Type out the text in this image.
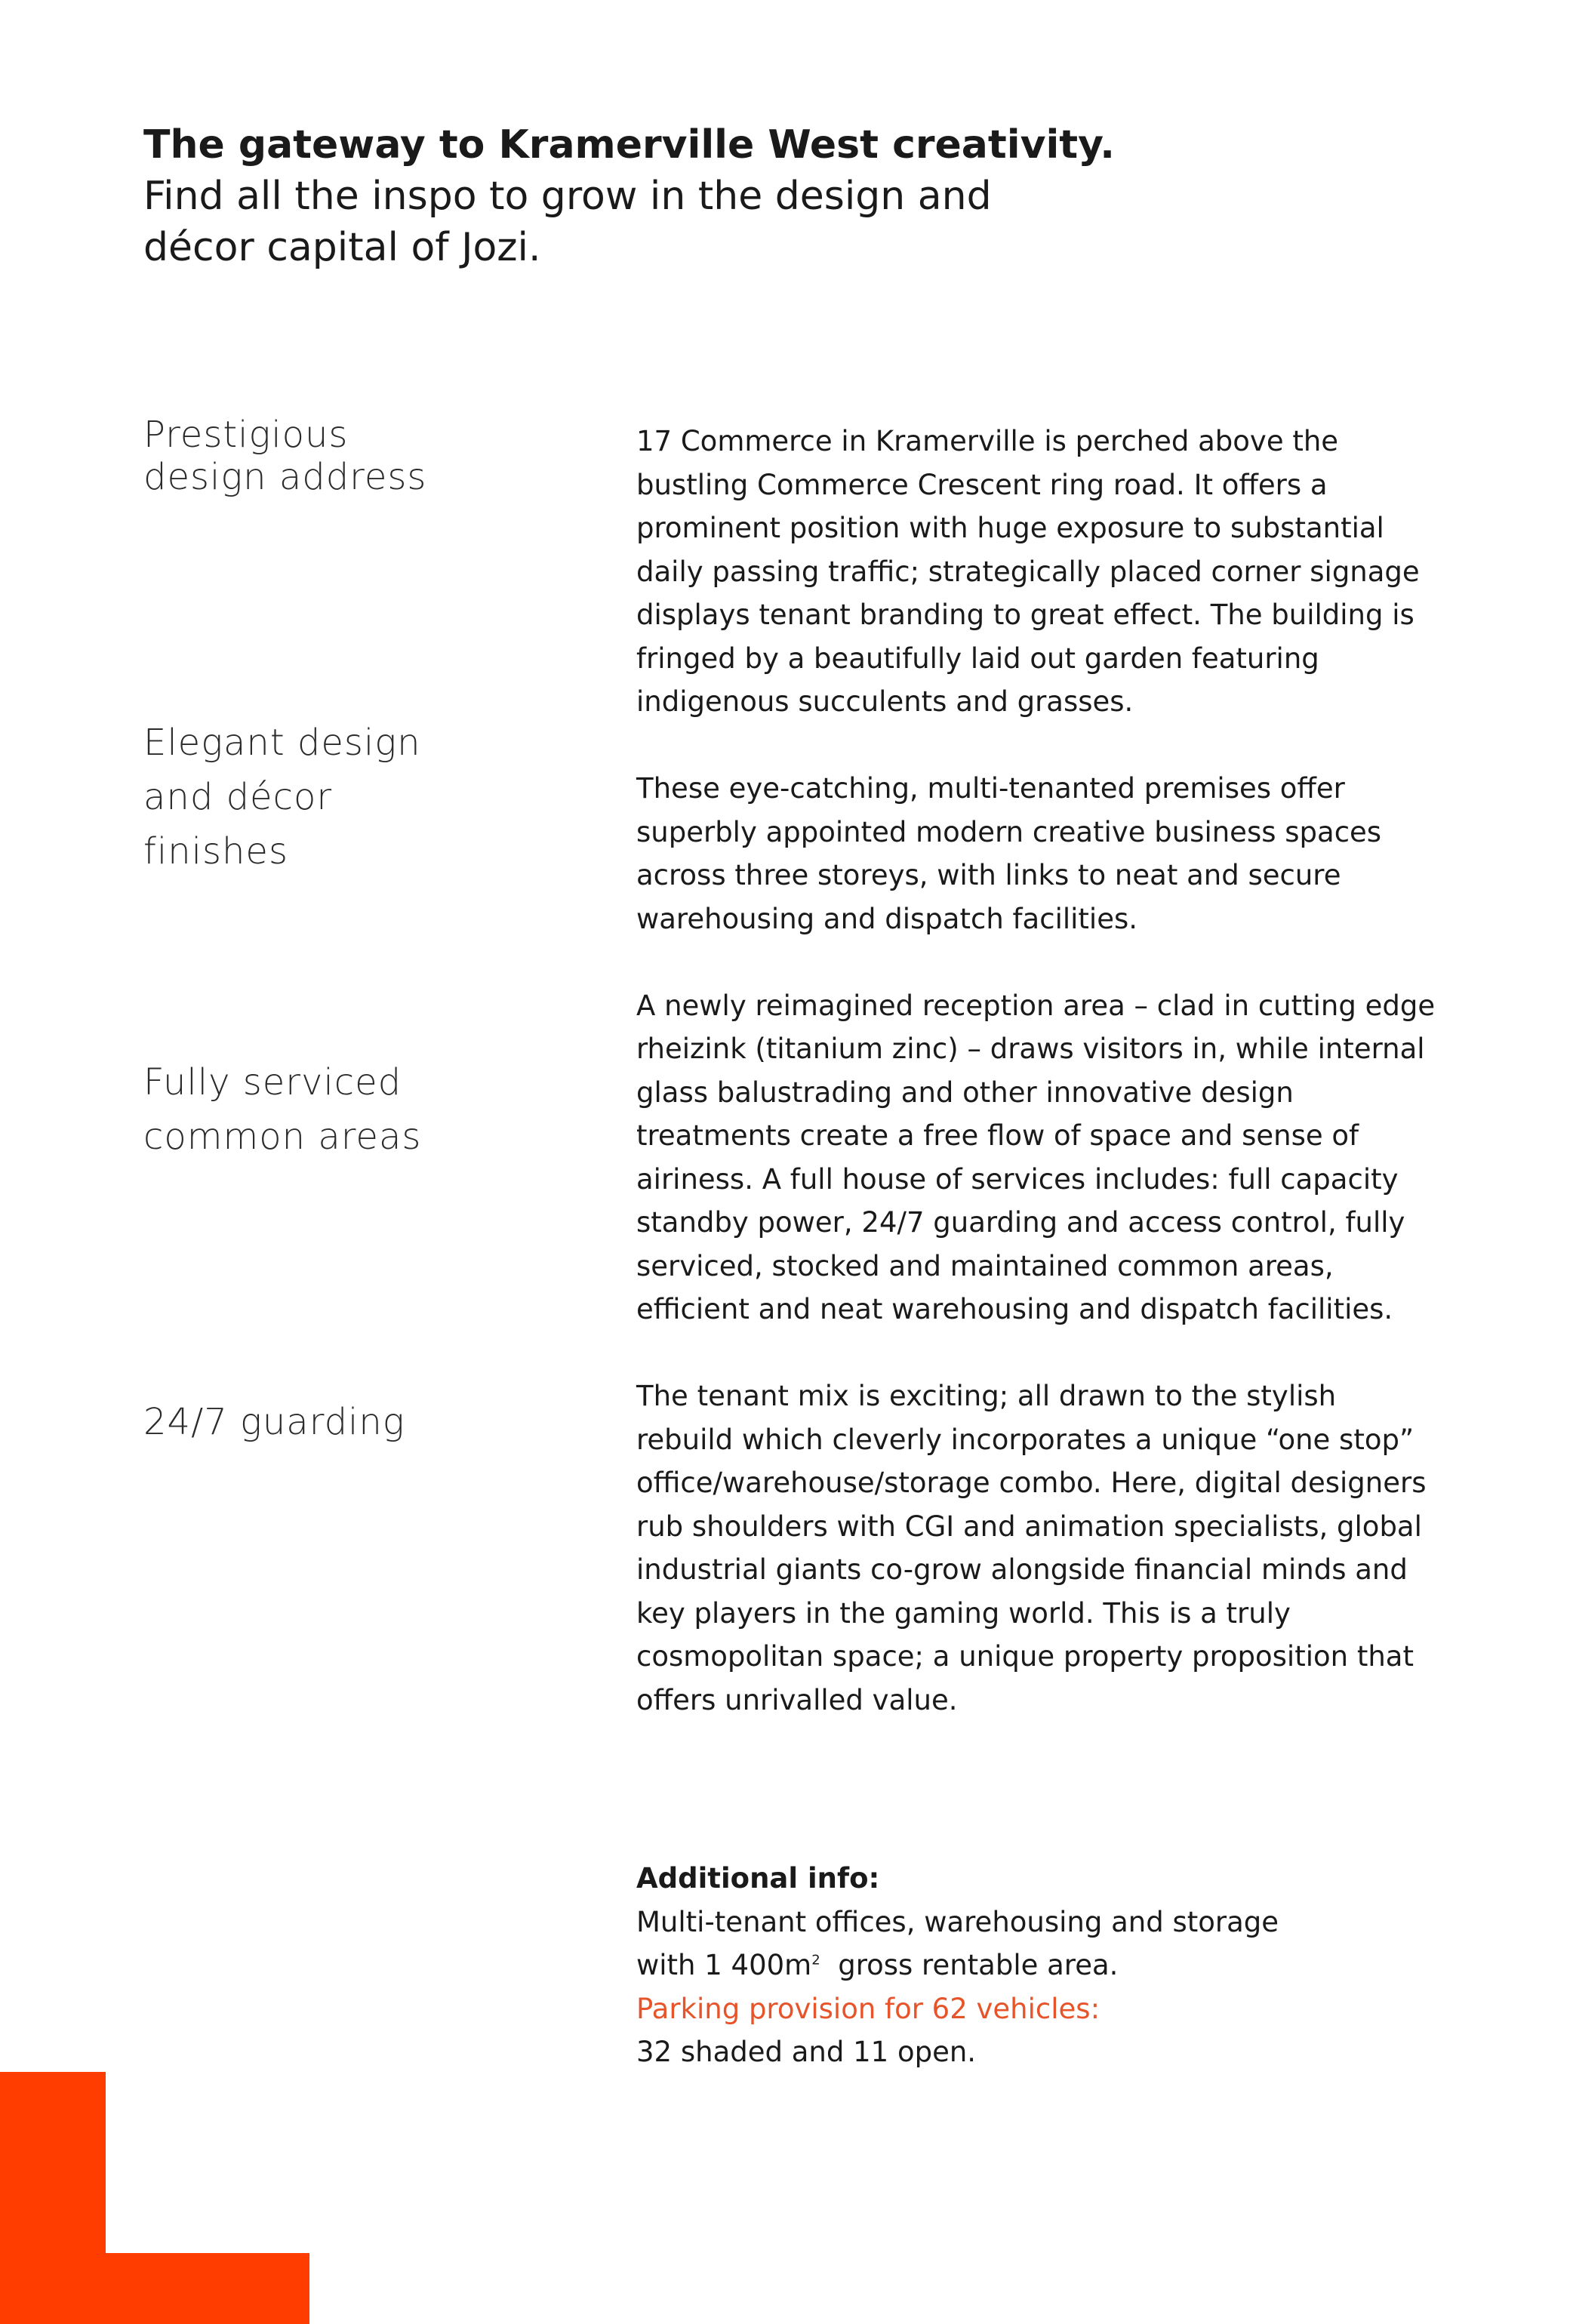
The gateway to Kramerville West creativity.
Find all the inspo to grow in the design and
décor capital of Jozi.
Prestigious
design address
Elegant design
and décor
finishes
Fully serviced
common areas
24/7 guarding

17 Commerce in Kramerville is perched above the bustling Commerce Crescent ring road. It offers a prominent position with huge exposure to substantial daily passing traffic; strategically placed corner signage displays tenant branding to great effect. The building is fringed by a beautifully laid out garden featuring indigenous succulents and grasses.

These eye-catching, multi-tenanted premises offer superbly appointed modern creative business spaces across three storeys, with links to neat and secure warehousing and dispatch facilities.

A newly reimagined reception area – clad in cutting edge rheizink (titanium zinc) – draws visitors in, while internal glass balustrading and other innovative design treatments create a free flow of space and sense of airiness. A full house of services includes: full capacity standby power, 24/7 guarding and access control, fully serviced, stocked and maintained common areas, efficient and neat warehousing and dispatch facilities.

The tenant mix is exciting; all drawn to the stylish rebuild which cleverly incorporates a unique “one stop” office/warehouse/storage combo. Here, digital designers rub shoulders with CGI and animation specialists, global industrial giants co-grow alongside financial minds and key players in the gaming world. This is a truly cosmopolitan space; a unique property proposition that offers unrivalled value.

Additional info:
Multi-tenant offices, warehousing and storage
with 1 $400m^2$  gross rentable area.
Parking provision for 62 vehicles:
32 shaded and 11 open.
